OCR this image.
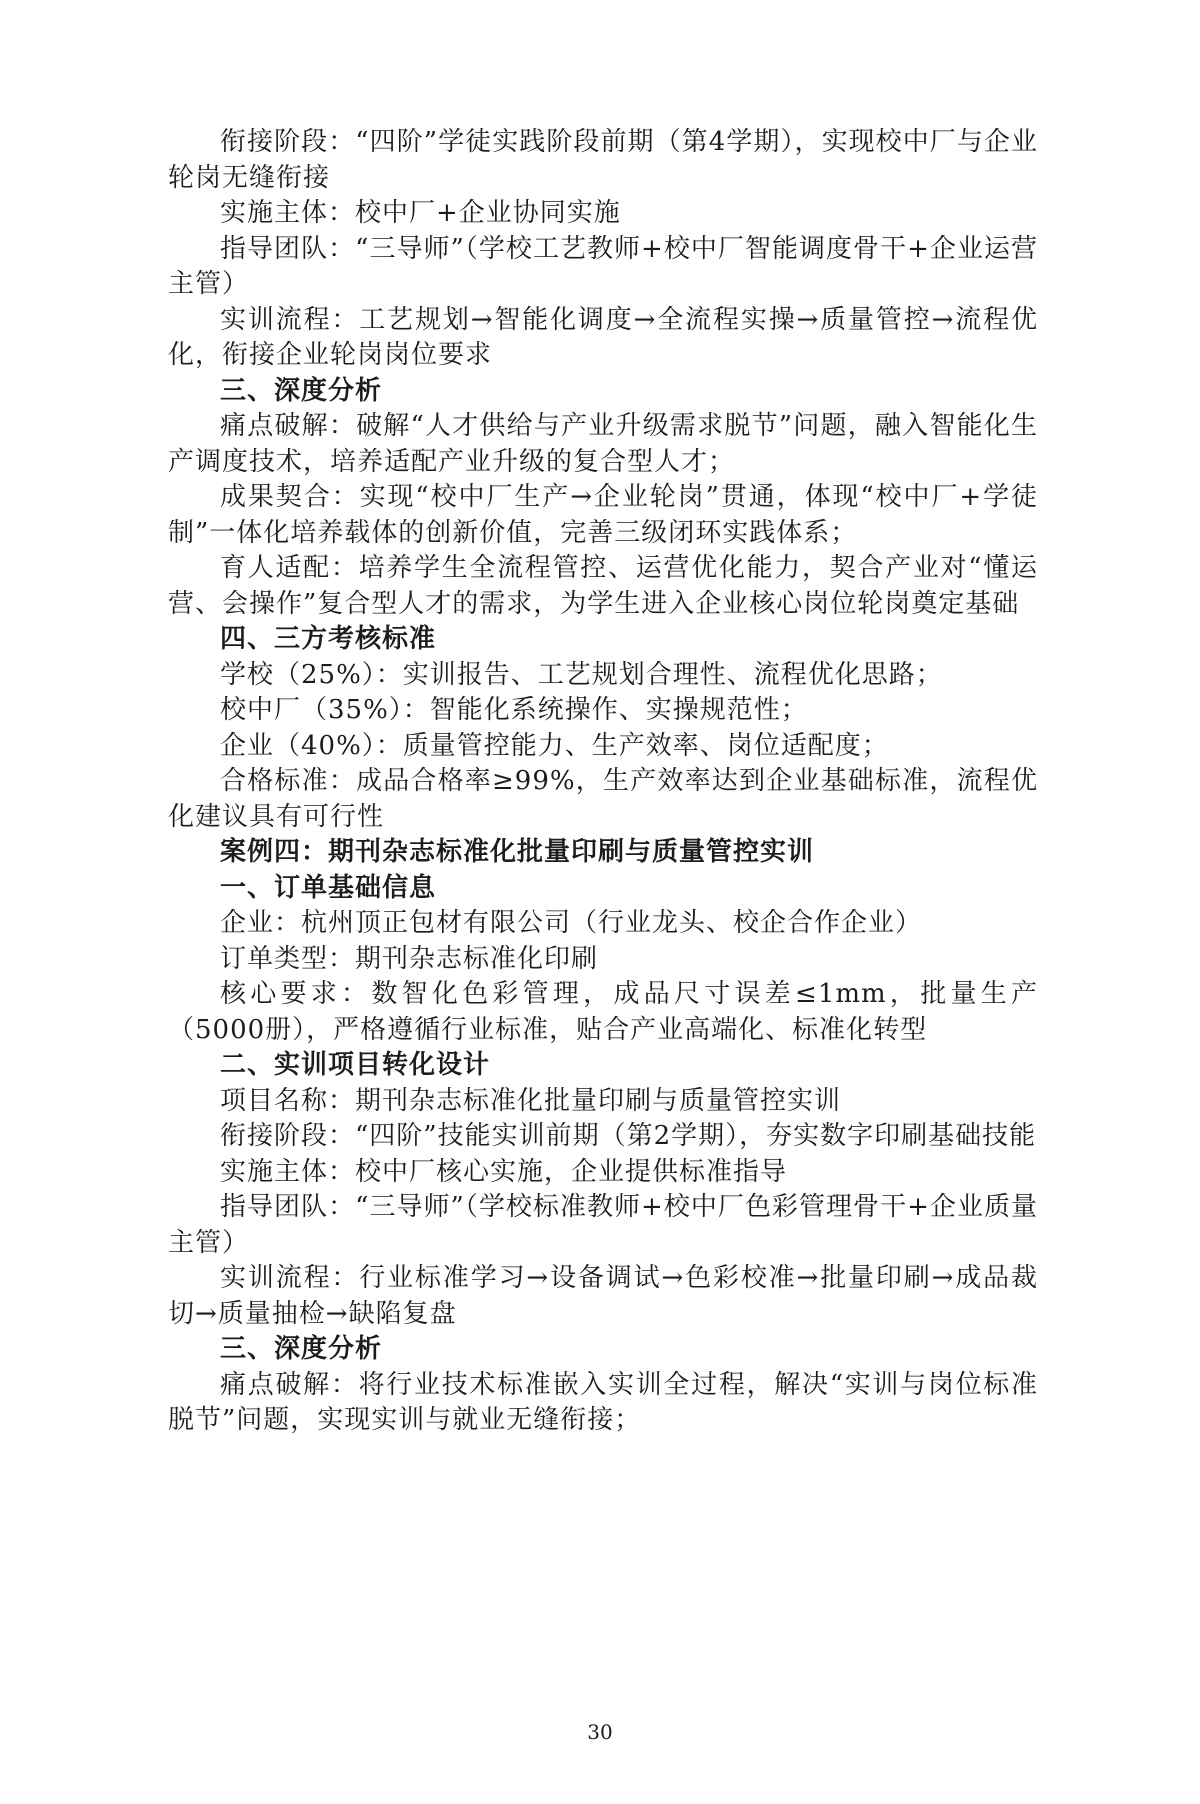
衔接阶段：“四阶”学徒实践阶段前期（第4学期），实现校中厂与企业轮岗无缝衔接

实施主体：校中厂+企业协同实施

指导团队：“三导师”（学校工艺教师+校中厂智能调度骨干+企业运营主管）

实训流程：工艺规划→智能化调度→全流程实操→质量管控→流程优化，衔接企业轮岗岗位要求

三、深度分析

痛点破解：破解“人才供给与产业升级需求脱节”问题，融入智能化生产调度技术，培养适配产业升级的复合型人才；

成果契合：实现“校中厂生产→企业轮岗”贯通，体现“校中厂+学徒制”一体化培养载体的创新价值，完善三级闭环实践体系；

育人适配：培养学生全流程管控、运营优化能力，契合产业对“懂运营、会操作”复合型人才的需求，为学生进入企业核心岗位轮岗奠定基础

四、三方考核标准

学校（25%）：实训报告、工艺规划合理性、流程优化思路；

校中厂（35%）：智能化系统操作、实操规范性；

企业（40%）：质量管控能力、生产效率、岗位适配度；

合格标准：成品合格率≥99%，生产效率达到企业基础标准，流程优化建议具有可行性

案例四：期刊杂志标准化批量印刷与质量管控实训

一、订单基础信息

企业：杭州顶正包材有限公司（行业龙头、校企合作企业）

订单类型：期刊杂志标准化印刷

核心要求：数智化色彩管理，成品尺寸误差≤1mm，批量生产（5000册），严格遵循行业标准，贴合产业高端化、标准化转型

二、实训项目转化设计

项目名称：期刊杂志标准化批量印刷与质量管控实训

衔接阶段：“四阶”技能实训前期（第2学期），夯实数字印刷基础技能

实施主体：校中厂核心实施，企业提供标准指导

指导团队：“三导师”（学校标准教师+校中厂色彩管理骨干+企业质量主管）

实训流程：行业标准学习→设备调试→色彩校准→批量印刷→成品裁切→质量抽检→缺陷复盘

三、深度分析

痛点破解：将行业技术标准嵌入实训全过程，解决“实训与岗位标准脱节”问题，实现实训与就业无缝衔接；

30
